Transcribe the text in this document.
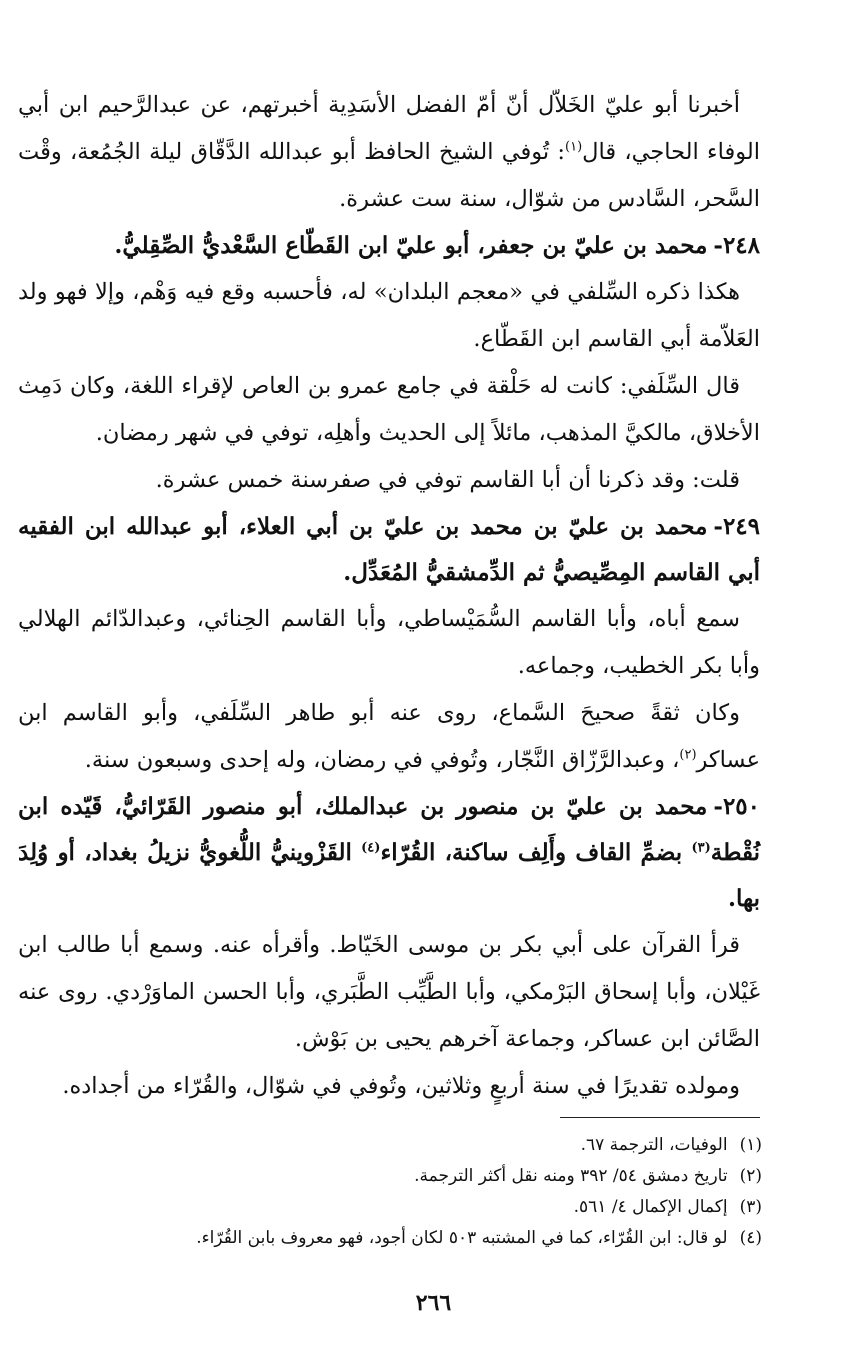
أخبرنا أبو عليّ الخَلاّل أنّ أمّ الفضل الأسَدِية أخبرتهم، عن عبدالرَّحيم ابن أبي الوفاء الحاجي، قال$^{(١)}$: تُوفي الشيخ الحافظ أبو عبدالله الدَّقّاق ليلة الجُمُعة، وقْت السَّحر، السَّادس من شوّال، سنة ست عشرة.

٢٤٨-محمد بن عليّ بن جعفر، أبو عليّ ابن القَطّاع السَّعْديُّ الصِّقِليُّ.

هكذا ذكره السِّلفي في «معجم البلدان» له، فأحسبه وقع فيه وَهْم، وإلا فهو ولد العَلاّمة أبي القاسم ابن القَطّاع.

قال السِّلَفي: كانت له حَلْقة في جامع عمرو بن العاص لإقراء اللغة، وكان دَمِث الأخلاق، مالكيَّ المذهب، مائلاً إلى الحديث وأهلِه، توفي في شهر رمضان.

قلت: وقد ذكرنا أن أبا القاسم توفي في صفرسنة خمس عشرة.

٢٤٩-محمد بن عليّ بن محمد بن عليّ بن أبي العلاء، أبو عبدالله ابن الفقيه أبي القاسم المِصِّيصيُّ ثم الدِّمشقيُّ المُعَدِّل.

سمع أباه، وأبا القاسم السُّمَيْساطي، وأبا القاسم الحِنائي، وعبدالدّائم الهلالي وأبا بكر الخطيب، وجماعه.

وكان ثقةً صحيحَ السَّماع، روى عنه أبو طاهر السِّلَفي، وأبو القاسم ابن عساكر$^{(٢)}$، وعبدالرَّزّاق النَّجّار، وتُوفي في رمضان، وله إحدى وسبعون سنة.

٢٥٠-محمد بن عليّ بن منصور بن عبدالملك، أبو منصور القَرّائيُّ، قَيّده ابن نُقْطة$^{(٣)}$ بضمِّ القاف وأَلِف ساكنة، القُرّاء$^{(٤)}$ القَزْوينيُّ اللُّغويُّ نزيلُ بغداد، أو وُلِدَ بها.

قرأ القرآن على أبي بكر بن موسى الخَيّاط. وأقرأه عنه. وسمع أبا طالب ابن غَيْلان، وأبا إسحاق البَرْمكي، وأبا الطَّيِّب الطَّبَري، وأبا الحسن الماوَرْدي. روى عنه الصَّائن ابن عساكر، وجماعة آخرهم يحيى بن بَوْش.

ومولده تقديرًا في سنة أربعٍ وثلاثين، وتُوفي في شوّال، والقُرّاء من أجداده.

(١)الوفيات، الترجمة ٦٧.

(٢)تاريخ دمشق ٥٤/ ٣٩٢ ومنه نقل أكثر الترجمة.

(٣)إكمال الإكمال ٤/ ٥٦١.

(٤)لو قال: ابن القُرّاء، كما في المشتبه ٥٠٣ لكان أجود، فهو معروف بابن القُرّاء.

٢٦٦
